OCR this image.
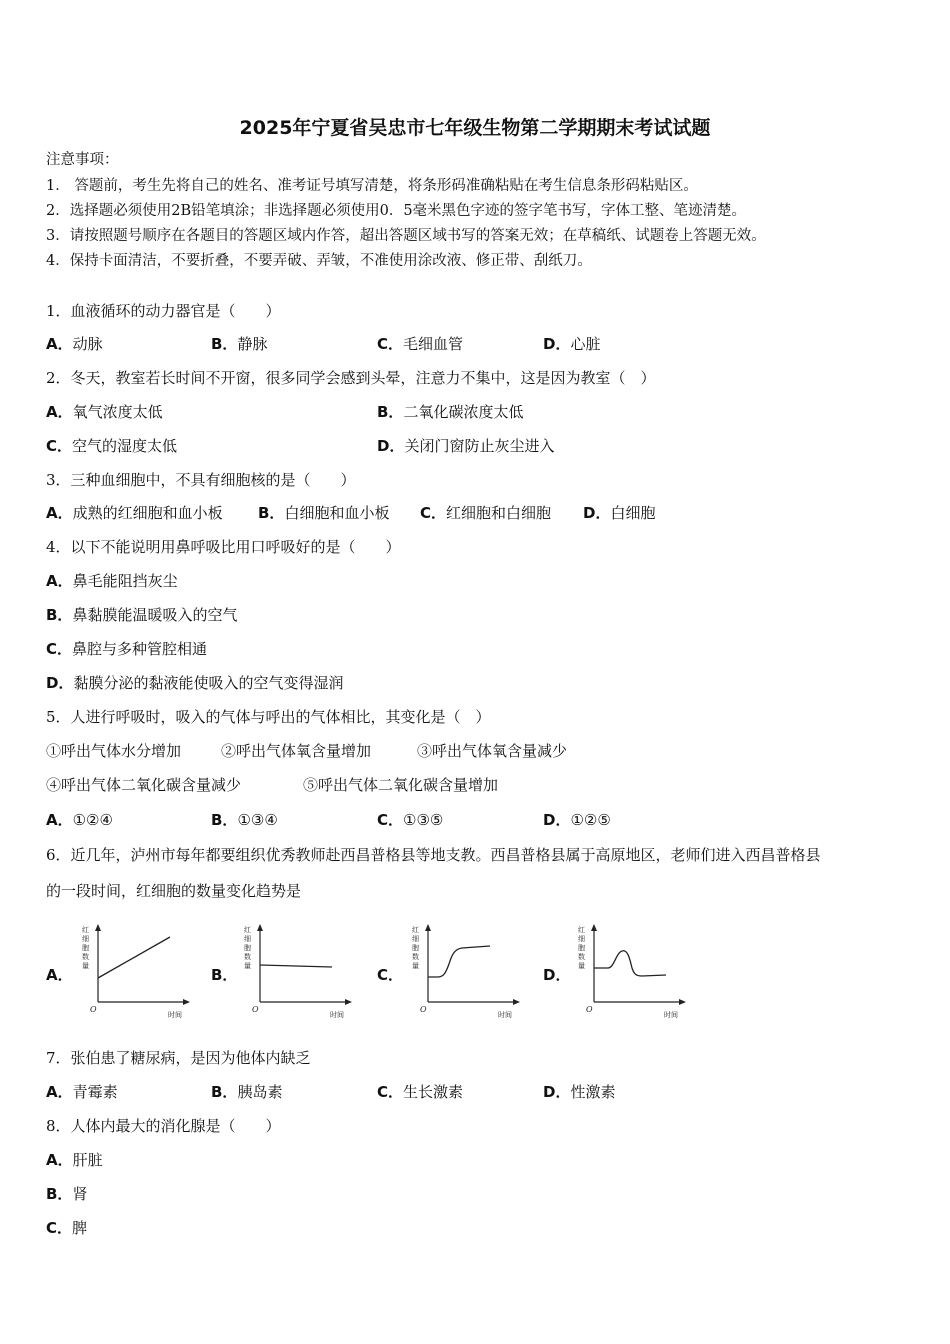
2025年宁夏省吴忠市七年级生物第二学期期末考试试题
注意事项：
1． 答题前，考生先将自己的姓名、准考证号填写清楚，将条形码准确粘贴在考生信息条形码粘贴区。
2．选择题必须使用2B铅笔填涂；非选择题必须使用0．5毫米黑色字迹的签字笔书写，字体工整、笔迹清楚。
3．请按照题号顺序在各题目的答题区域内作答，超出答题区域书写的答案无效；在草稿纸、试题卷上答题无效。
4．保持卡面清洁，不要折叠，不要弄破、弄皱，不准使用涂改液、修正带、刮纸刀。
1．血液循环的动力器官是（　　）
A．动脉	B．静脉	C．毛细血管	D．心脏
2．冬天，教室若长时间不开窗，很多同学会感到头晕，注意力不集中，这是因为教室（　）
A．氧气浓度太低	B．二氧化碳浓度太低
C．空气的湿度太低	D．关闭门窗防止灰尘进入
3．三种血细胞中，不具有细胞核的是（　　）
A．成熟的红细胞和血小板 B．白细胞和血小板 C．红细胞和白细胞 D．白细胞
4．以下不能说明用鼻呼吸比用口呼吸好的是（　　）
A．鼻毛能阻挡灰尘
B．鼻黏膜能温暖吸入的空气
C．鼻腔与多种管腔相通
D．黏膜分泌的黏液能使吸入的空气变得湿润
5．人进行呼吸时，吸入的气体与呼出的气体相比，其变化是（　）
①呼出气体水分增加	②呼出气体氧含量增加	③呼出气体氧含量减少
④呼出气体二氧化碳含量减少	⑤呼出气体二氧化碳含量增加
A．①②④	B．①③④	C．①③⑤	D．①②⑤
6．近几年，泸州市每年都要组织优秀教师赴西昌普格县等地支教。西昌普格县属于高原地区，老师们进入西昌普格县
的一段时间，红细胞的数量变化趋势是
A．	B．	C．	D．
红
细
胞
数
量
时间
O
红
细
胞
数
量
时间
O
红
细
胞
数
量
时间
O
红
细
胞
数
量
时间
O
7．张伯患了糖尿病，是因为他体内缺乏
A．青霉素	B．胰岛素	C．生长激素	D．性激素
8．人体内最大的消化腺是（　　）
A．肝脏
B．肾
C．脾
